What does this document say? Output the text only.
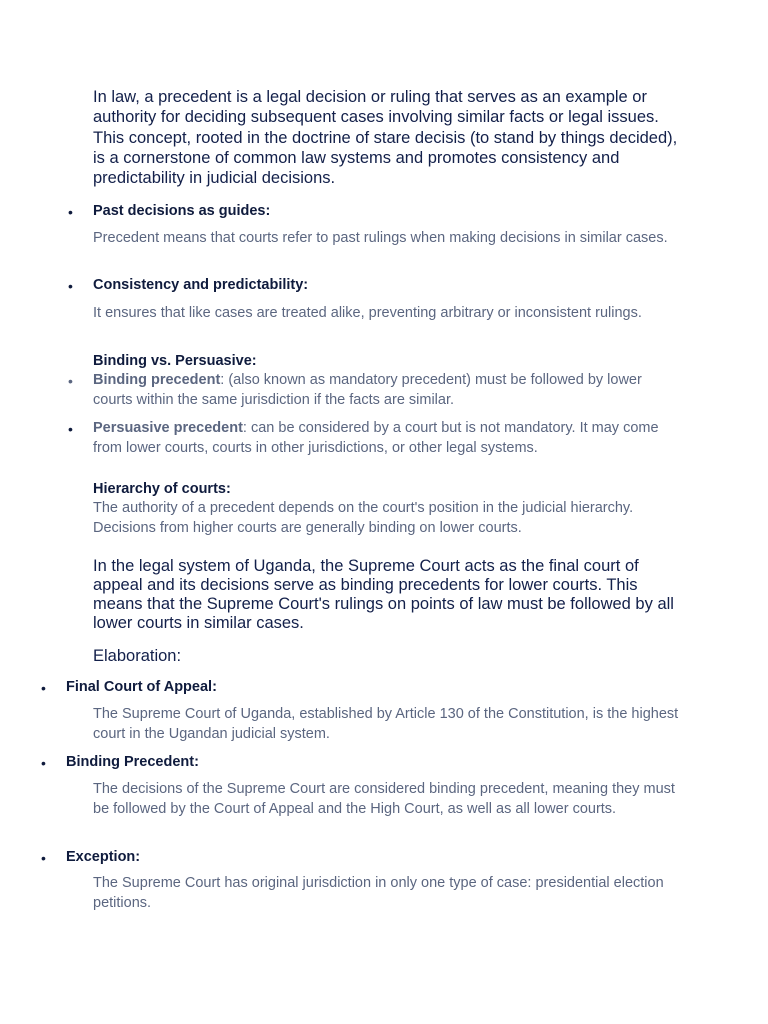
In law, a precedent is a legal decision or ruling that serves as an example or authority for deciding subsequent cases involving similar facts or legal issues. This concept, rooted in the doctrine of stare decisis (to stand by things decided), is a cornerstone of common law systems and promotes consistency and predictability in judicial decisions.

• Past decisions as guides:

Precedent means that courts refer to past rulings when making decisions in similar cases.

• Consistency and predictability:

It ensures that like cases are treated alike, preventing arbitrary or inconsistent rulings.

Binding vs. Persuasive:
• Binding precedent: (also known as mandatory precedent) must be followed by lower courts within the same jurisdiction if the facts are similar.

• Persuasive precedent: can be considered by a court but is not mandatory. It may come from lower courts, courts in other jurisdictions, or other legal systems.

Hierarchy of courts:

The authority of a precedent depends on the court's position in the judicial hierarchy. Decisions from higher courts are generally binding on lower courts.

In the legal system of Uganda, the Supreme Court acts as the final court of appeal and its decisions serve as binding precedents for lower courts. This means that the Supreme Court's rulings on points of law must be followed by all lower courts in similar cases.

Elaboration:
• Final Court of Appeal:

The Supreme Court of Uganda, established by Article 130 of the Constitution, is the highest court in the Ugandan judicial system.

• Binding Precedent:

The decisions of the Supreme Court are considered binding precedent, meaning they must be followed by the Court of Appeal and the High Court, as well as all lower courts.

• Exception:

The Supreme Court has original jurisdiction in only one type of case: presidential election petitions.
